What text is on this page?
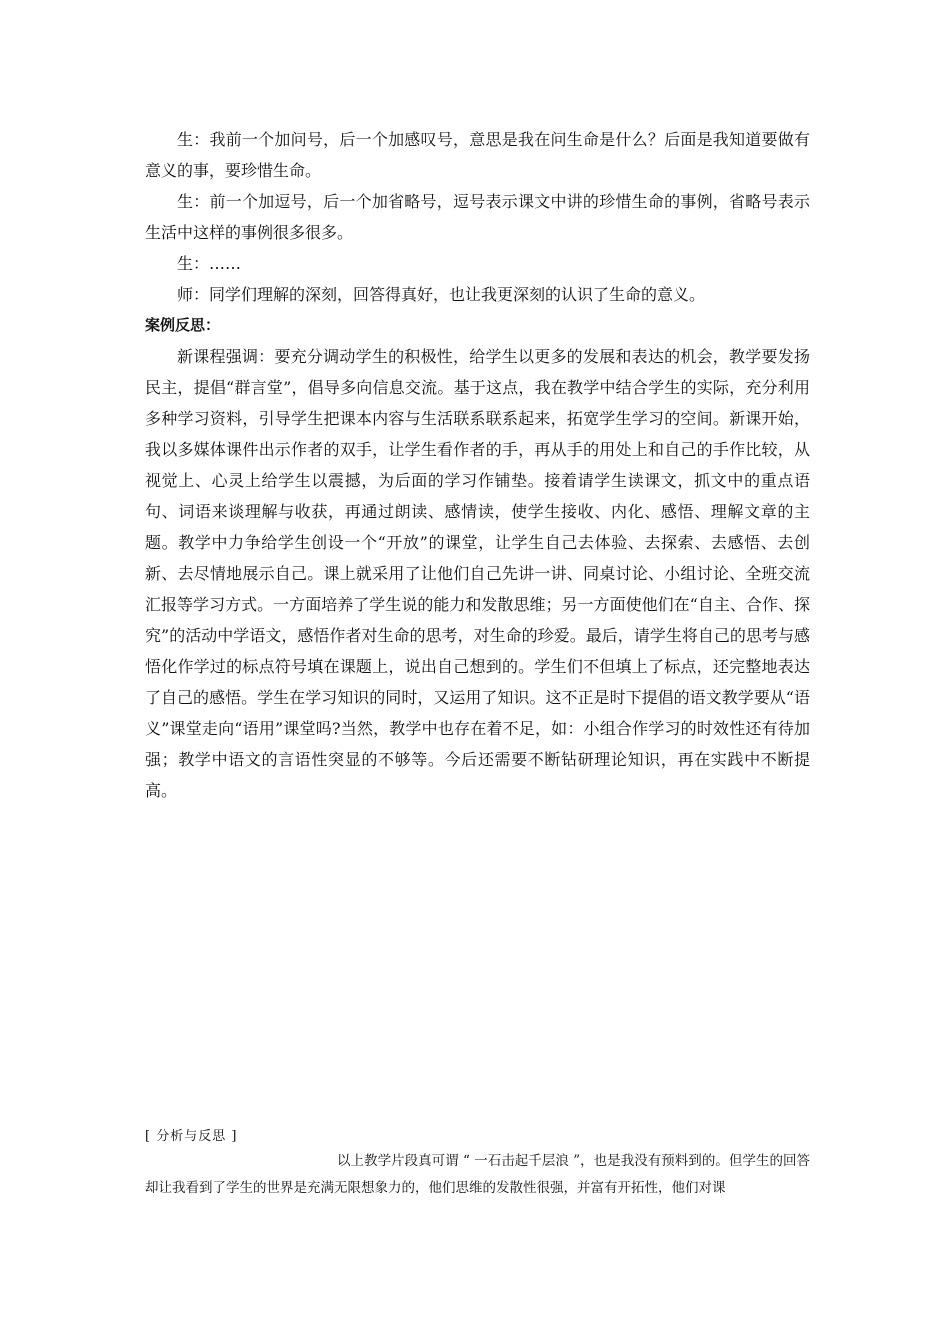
生：我前一个加问号，后一个加感叹号，意思是我在问生命是什么？后面是我知道要做有意义的事，要珍惜生命。

生：前一个加逗号，后一个加省略号，逗号表示课文中讲的珍惜生命的事例，省略号表示生活中这样的事例很多很多。

生：……

师：同学们理解的深刻，回答得真好，也让我更深刻的认识了生命的意义。

案例反思：

新课程强调：要充分调动学生的积极性，给学生以更多的发展和表达的机会，教学要发扬民主，提倡“群言堂”，倡导多向信息交流。基于这点，我在教学中结合学生的实际，充分利用多种学习资料，引导学生把课本内容与生活联系联系起来，拓宽学生学习的空间。新课开始，我以多媒体课件出示作者的双手，让学生看作者的手，再从手的用处上和自己的手作比较，从视觉上、心灵上给学生以震撼，为后面的学习作铺垫。接着请学生读课文，抓文中的重点语句、词语来谈理解与收获，再通过朗读、感情读，使学生接收、内化、感悟、理解文章的主题。教学中力争给学生创设一个“开放”的课堂，让学生自己去体验、去探索、去感悟、去创新、去尽情地展示自己。课上就采用了让他们自己先讲一讲、同桌讨论、小组讨论、全班交流汇报等学习方式。一方面培养了学生说的能力和发散思维；另一方面使他们在“自主、合作、探究”的活动中学语文，感悟作者对生命的思考，对生命的珍爱。最后，请学生将自己的思考与感悟化作学过的标点符号填在课题上，说出自己想到的。学生们不但填上了标点，还完整地表达了自己的感悟。学生在学习知识的同时，又运用了知识。这不正是时下提倡的语文教学要从“语义”课堂走向“语用”课堂吗?当然，教学中也存在着不足，如：小组合作学习的时效性还有待加强；教学中语文的言语性突显的不够等。今后还需要不断钻研理论知识，再在实践中不断提高。

[ 分析与反思 ]

以上教学片段真可谓 “ 一石击起千层浪 ”，也是我没有预料到的。但学生的回答却让我看到了学生的世界是充满无限想象力的，他们思维的发散性很强，并富有开拓性，他们对课
